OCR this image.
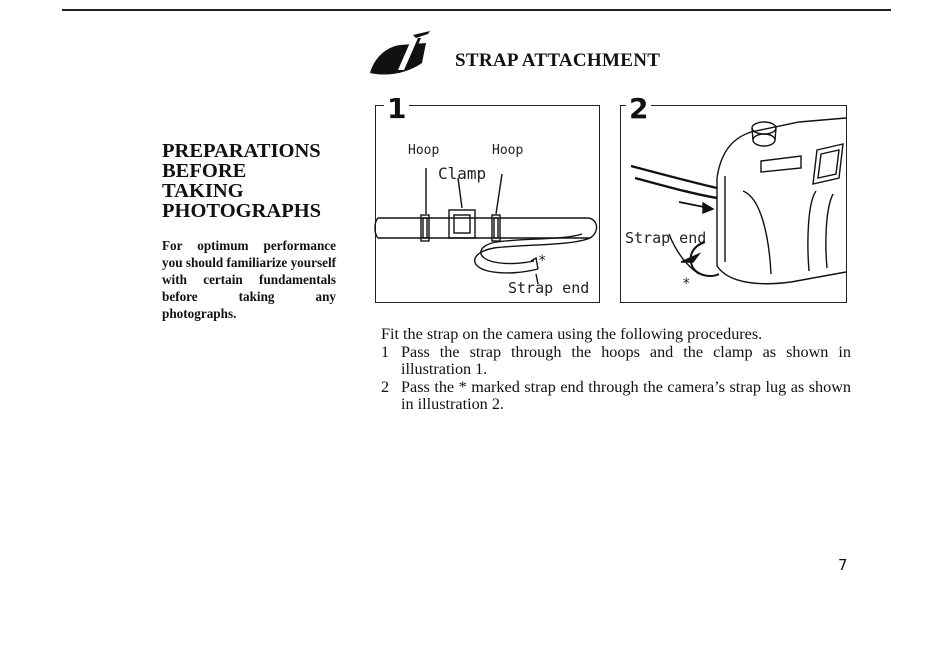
STRAP ATTACHMENT
PREPARATIONS
BEFORE
TAKING
PHOTOGRAPHS
For optimum performance you should familiarize yourself with certain fundamentals before taking any photographs.
1
Hoop	Hoop
Clamp
*
Strap end
2
Strap end
*
Fit the strap on the camera using the following procedures.
1 Pass the strap through the hoops and the clamp as shown in illustration 1.
2 Pass the * marked strap end through the camera’s strap lug as shown in illustration 2.
7
